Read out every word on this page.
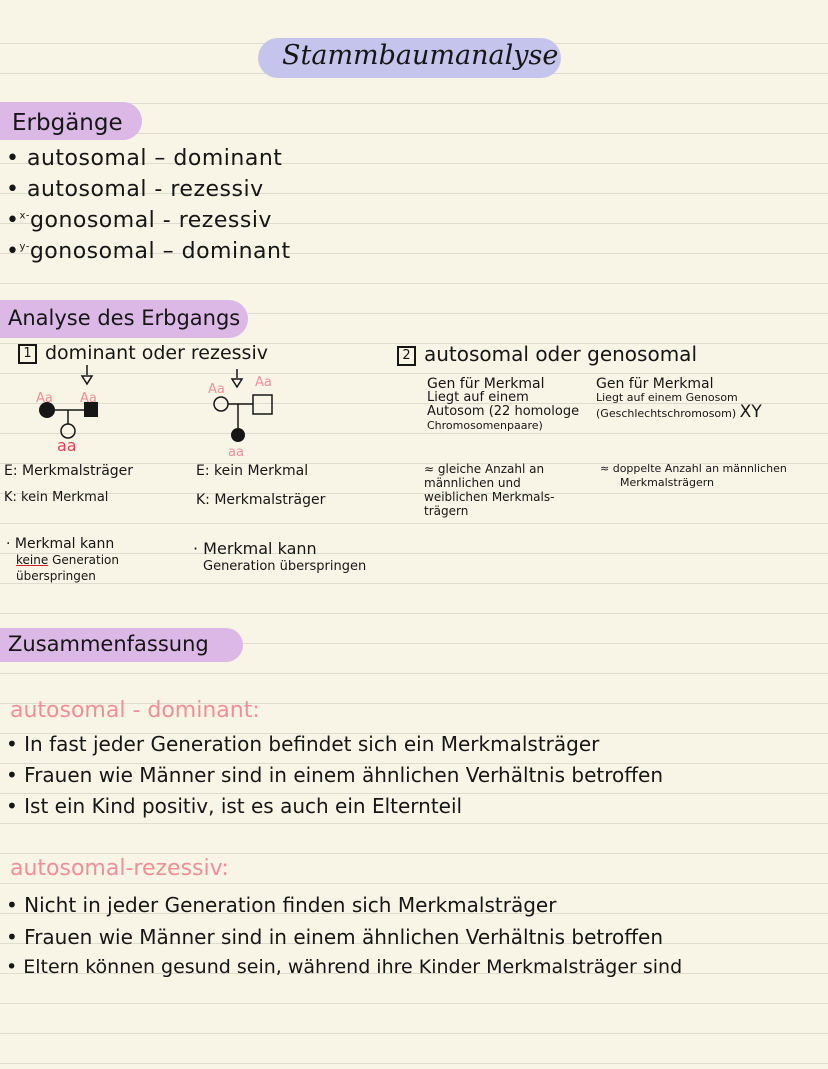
Stammbaumanalyse
Erbgänge
• autosomal – dominant
• autosomal - rezessiv
•$^{x-}$gonosomal - rezessiv
•$^{y-}$gonosomal – dominant
Analyse des Erbgangs
1 dominant oder rezessiv
Aa Aa
aa
Aa Aa
aa
E: Merkmalsträger
K: kein Merkmal
E: kein Merkmal
K: Merkmalsträger
· Merkmal kann
keine Generation
überspringen
· Merkmal kann
Generation überspringen
2 autosomal oder genosomal
Gen für Merkmal
Liegt auf einem
Autosom (22 homologe
Chromosomenpaare)
Gen für Merkmal
Liegt auf einem Genosom
(Geschlechtschromosom) XY
≈ gleiche Anzahl an
männlichen und
weiblichen Merkmals-
trägern
≈ doppelte Anzahl an männlichen
Merkmalsträgern
Zusammenfassung
autosomal - dominant:
• In fast jeder Generation befindet sich ein Merkmalsträger
• Frauen wie Männer sind in einem ähnlichen Verhältnis betroffen
• Ist ein Kind positiv, ist es auch ein Elternteil
autosomal-rezessiv:
• Nicht in jeder Generation finden sich Merkmalsträger
• Frauen wie Männer sind in einem ähnlichen Verhältnis betroffen
• Eltern können gesund sein, während ihre Kinder Merkmalsträger sind
